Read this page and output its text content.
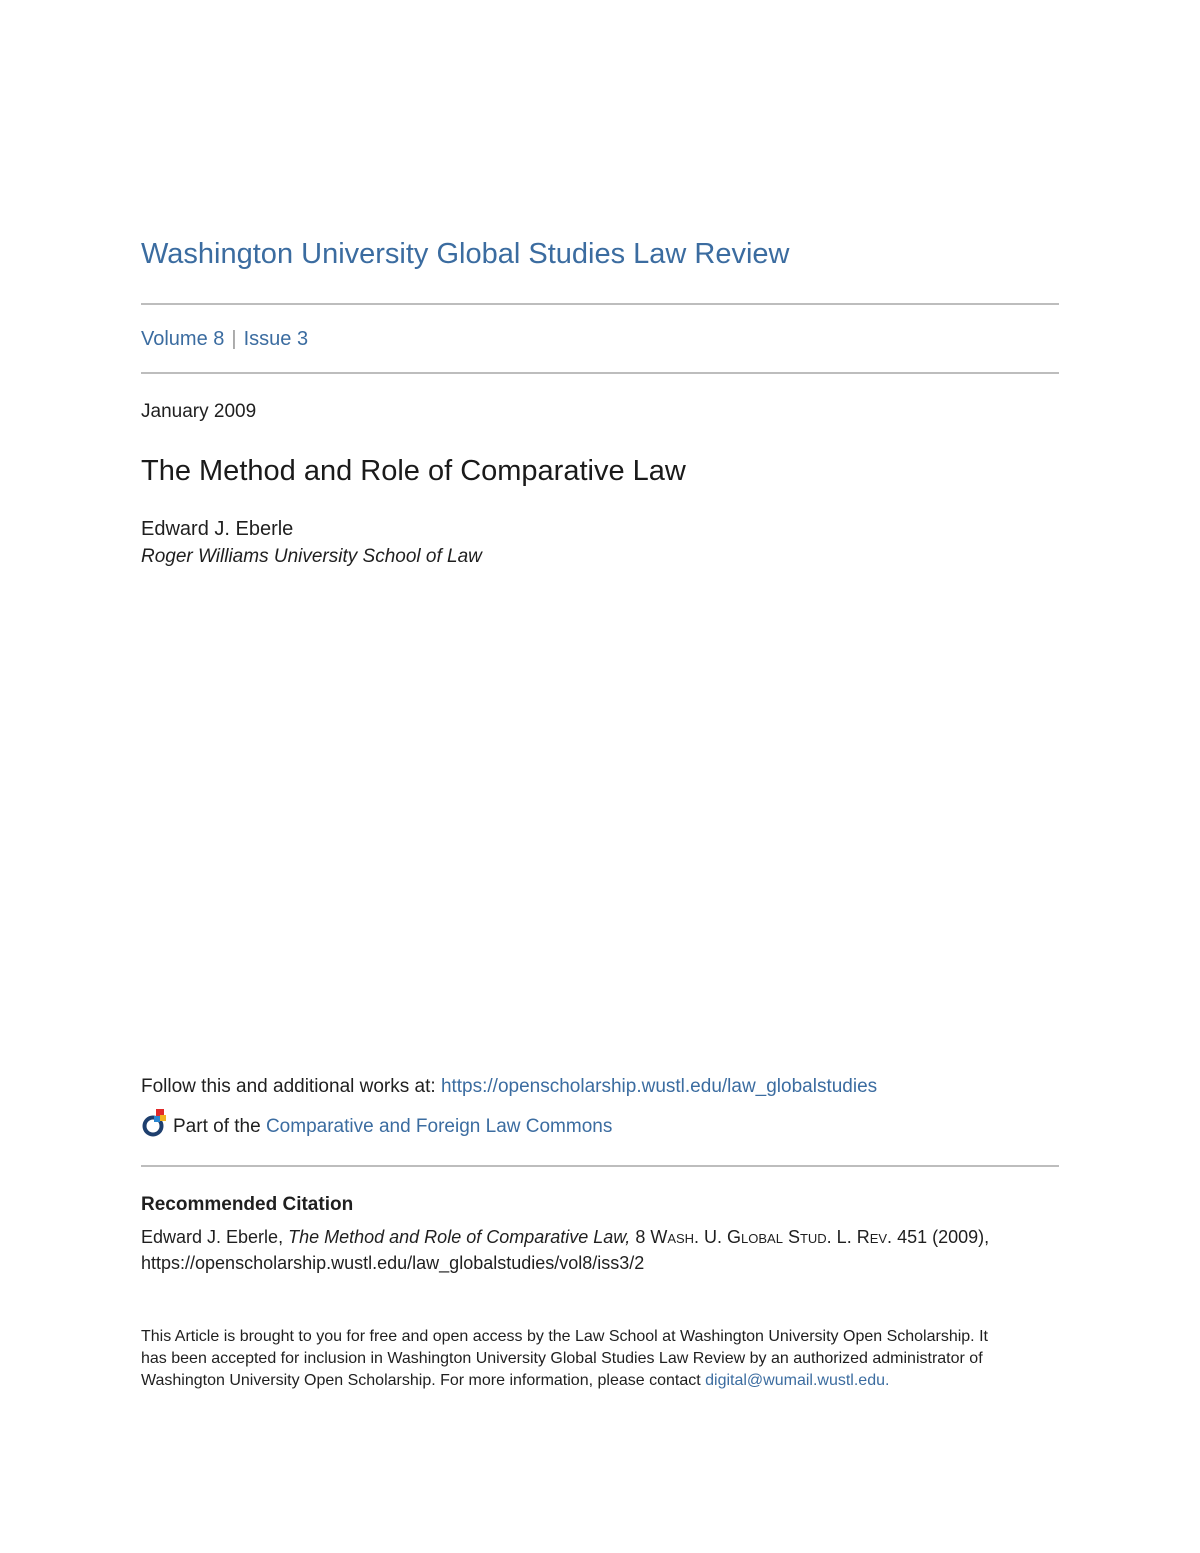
Washington University Global Studies Law Review
Volume 8 | Issue 3
January 2009
The Method and Role of Comparative Law
Edward J. Eberle
Roger Williams University School of Law
Follow this and additional works at: https://openscholarship.wustl.edu/law_globalstudies
Part of the
Comparative and Foreign Law Commons
Recommended Citation
Edward J. Eberle, The Method and Role of Comparative Law, 8 Wash. U. Global Stud. L. Rev. 451 (2009),
https://openscholarship.wustl.edu/law_globalstudies/vol8/iss3/2
This Article is brought to you for free and open access by the Law School at Washington University Open Scholarship. It has been accepted for inclusion in Washington University Global Studies Law Review by an authorized administrator of Washington University Open Scholarship. For more information, please contact digital@wumail.wustl.edu.
